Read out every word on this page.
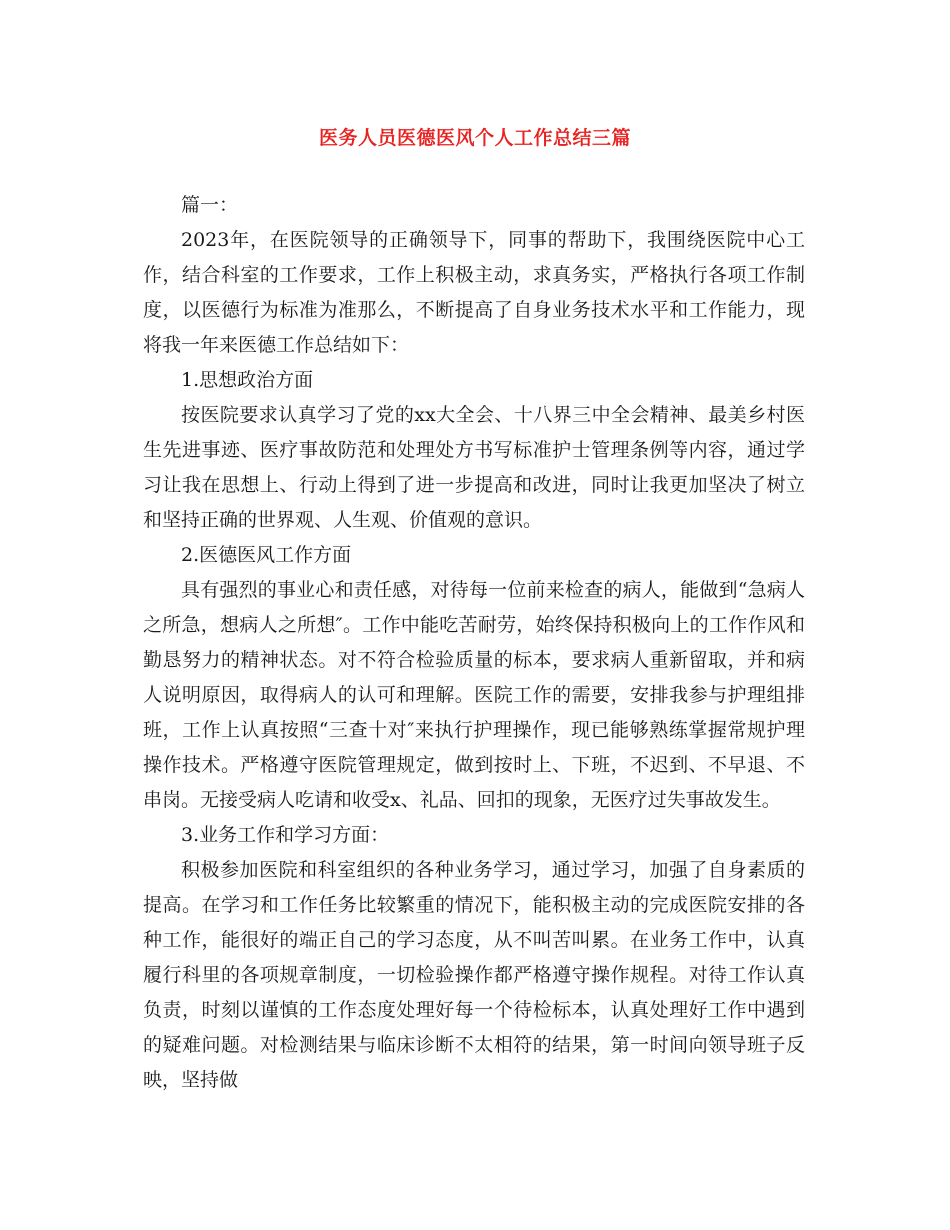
医务人员医德医风个人工作总结三篇

篇一：

2023年，在医院领导的正确领导下，同事的帮助下，我围绕医院中心工作，结合科室的工作要求，工作上积极主动，求真务实，严格执行各项工作制度，以医德行为标准为准那么，不断提高了自身业务技术水平和工作能力，现将我一年来医德工作总结如下：

1.思想政治方面

按医院要求认真学习了党的xx大全会、十八界三中全会精神、最美乡村医生先进事迹、医疗事故防范和处理处方书写标准护士管理条例等内容，通过学习让我在思想上、行动上得到了进一步提高和改进，同时让我更加坚决了树立和坚持正确的世界观、人生观、价值观的意识。

2.医德医风工作方面

具有强烈的事业心和责任感，对待每一位前来检查的病人，能做到“急病人之所急，想病人之所想″。工作中能吃苦耐劳，始终保持积极向上的工作作风和勤恳努力的精神状态。对不符合检验质量的标本，要求病人重新留取，并和病人说明原因，取得病人的认可和理解。医院工作的需要，安排我参与护理组排班，工作上认真按照“三查十对″来执行护理操作，现已能够熟练掌握常规护理操作技术。严格遵守医院管理规定，做到按时上、下班，不迟到、不早退、不串岗。无接受病人吃请和收受x、礼品、回扣的现象，无医疗过失事故发生。

3.业务工作和学习方面：

积极参加医院和科室组织的各种业务学习，通过学习，加强了自身素质的提高。在学习和工作任务比较繁重的情况下，能积极主动的完成医院安排的各种工作，能很好的端正自己的学习态度，从不叫苦叫累。在业务工作中，认真履行科里的各项规章制度，一切检验操作都严格遵守操作规程。对待工作认真负责，时刻以谨慎的工作态度处理好每一个待检标本，认真处理好工作中遇到的疑难问题。对检测结果与临床诊断不太相符的结果，第一时间向领导班子反映，坚持做
